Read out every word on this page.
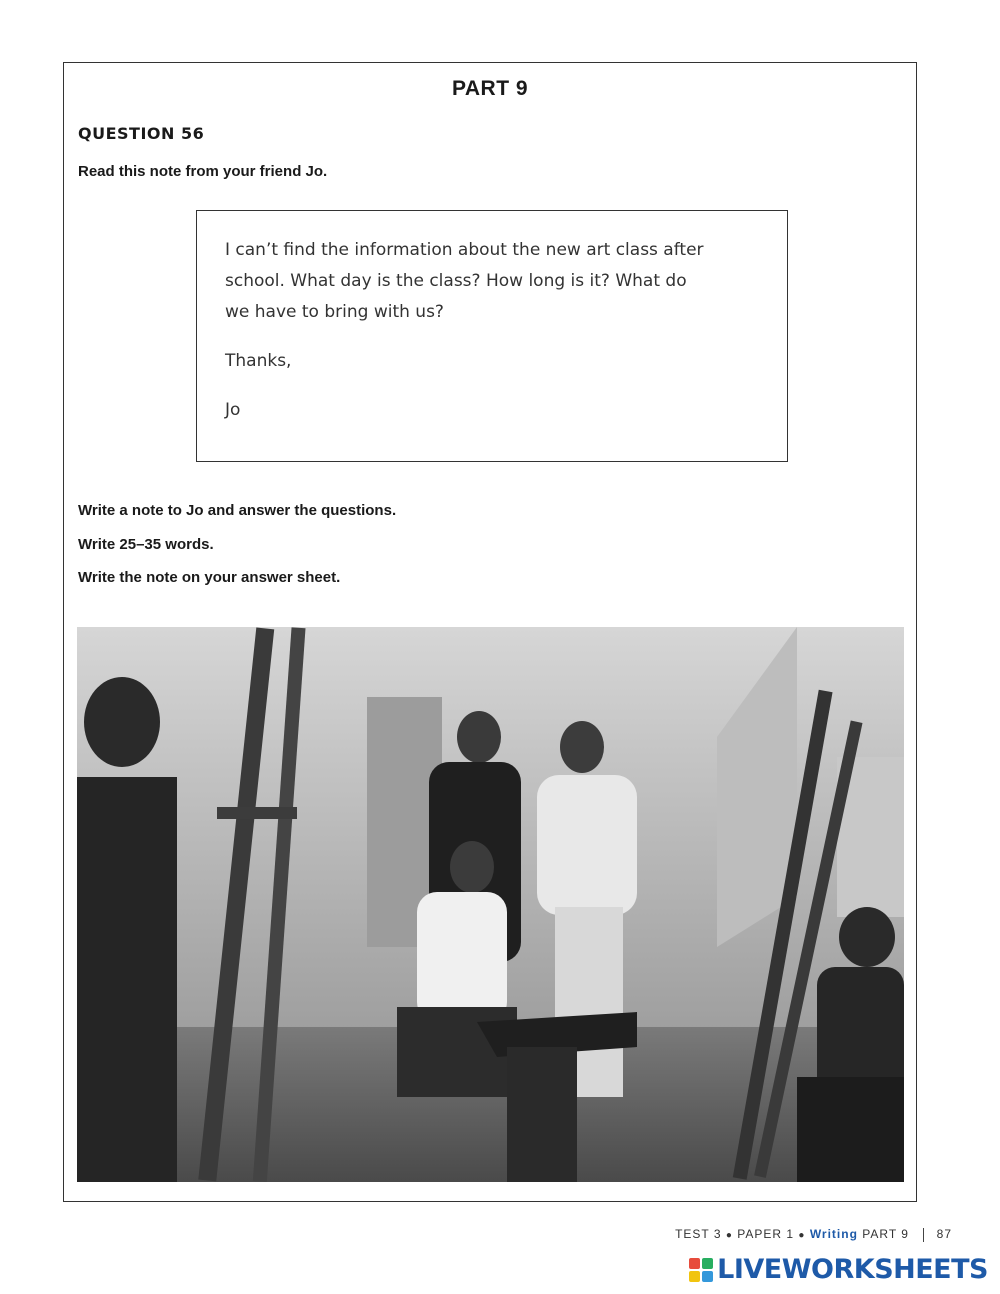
PART 9
QUESTION 56
Read this note from your friend Jo.

I can’t find the information about the new art class after

school. What day is the class? How long is it? What do

we have to bring with us?

Thanks,

Jo

Write a note to Jo and answer the questions.
Write 25–35 words.
Write the note on your answer sheet.
TEST 3 ● PAPER 1 ● Writing PART 9 87
LIVEWORKSHEETS
